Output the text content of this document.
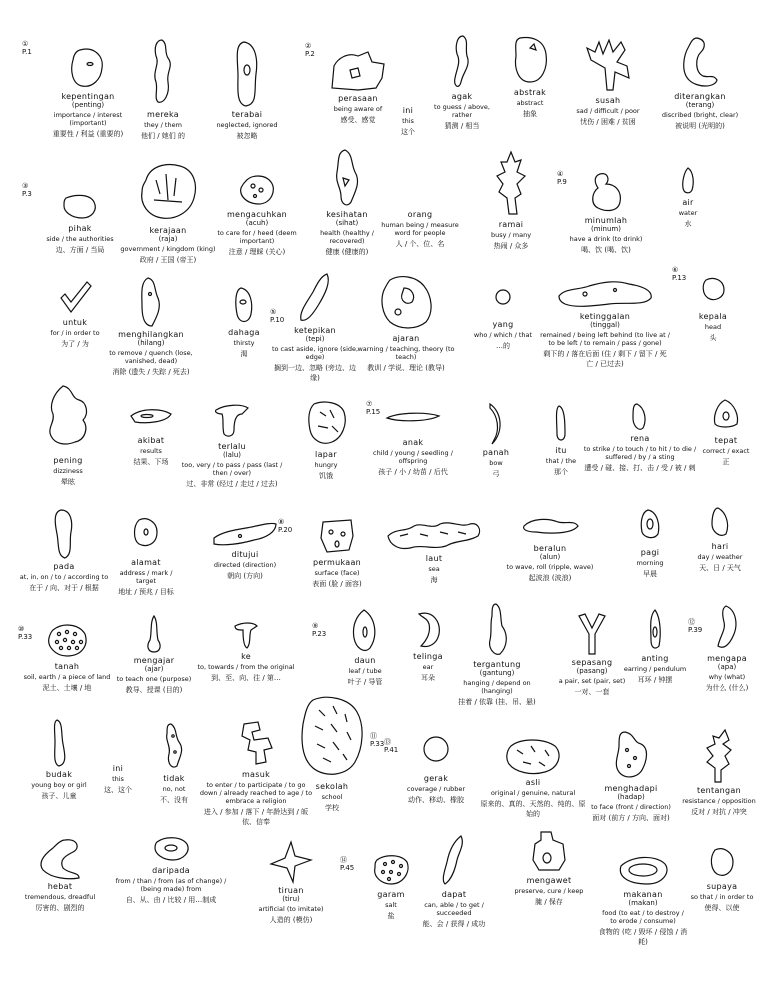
①
P.1
②
P.2
③
P.3
④
P.9
⑤
P.10
⑥
P.13
⑦
P.15
⑧
P.20
⑨
P.23
⑩
P.33
⑪
P.33
⑫
P.39
⑬
P.41
⑭
P.45
kepentingan
(penting)
importance / interest (important)
重要性 / 利益 (重要的)
mereka
they / them
他们 / 她们 的
terabai
neglected, ignored
被忽略
perasaan
being aware of
感受、感觉
ini
this
这个
agak
to guess / above, rather
猜测 / 相当
abstrak
abstract
抽象
susah
sad / difficult / poor
忧伤 / 困难 / 贫困
diterangkan
(terang)
discribed (bright, clear)
被说明 (光明的)
pihak
side / the authorities
边、方面 / 当局
kerajaan
(raja)
government / kingdom (king)
政府 / 王国 (帝王)
mengacuhkan
(acuh)
to care for / heed (deem important)
注意 / 理睬 (关心)
kesihatan
(sihat)
health (healthy / recovered)
健康 (健康的)
orang
human being / measure word for people
人 / 个、位、名
ramai
busy / many
热闹 / 众多
minumlah
(minum)
have a drink (to drink)
喝、饮 (喝、饮)
air
water
水
untuk
for / in order to
为了 / 为
menghilangkan
(hilang)
to remove / quench (lose, vanished, dead)
消除 (遗失 / 失踪 / 死去)
dahaga
thirsty
渴
ketepikan
(tepi)
to cast aside, ignore (side, edge)
搁到一边、忽略 (旁边、边缘)
ajaran
warning / teaching, theory (to teach)
教训 / 学说、理论 (教导)
yang
who / which / that
…的
ketinggalan
(tinggal)
remained / being left behind (to live at / to be left / to remain / pass / gone)
剩下的 / 落在后面 (住 / 剩下 / 留下 / 死亡 / 已过去)
kepala
head
头
pening
dizziness
晕眩
akibat
results
结果、下场
terlalu
(lalu)
too, very / to pass / pass (last / then / over)
过、非常 (经过 / 走过 / 过去)
lapar
hungry
饥饿
anak
child / young / seedling / offspring
孩子 / 小 / 幼苗 / 后代
panah
bow
弓
itu
that / the
那个
rena
to strike / to touch / to hit / to die / suffered / by / a sting
遭受 / 碰、接、打、击 / 受 / 被 / 刺
tepat
correct / exact
正
pada
at, in, on / to / according to
在于 / 向、对于 / 根据
alamat
address / mark / target
地址 / 预兆 / 目标
ditujui
directed (direction)
朝向 (方向)
permukaan
surface (face)
表面 (脸 / 面容)
laut
sea
海
beralun
(alun)
to wave, roll (ripple, wave)
起波浪 (波浪)
pagi
morning
早晨
hari
day / weather
天、日 / 天气
tanah
soil, earth / a piece of land
泥土、土壤 / 地
mengajar
(ajar)
to teach one (purpose)
教导、授课 (目的)
ke
to, towards / from the original
到、至、向、往 / 第…
daun
leaf / tube
叶子 / 导管
telinga
ear
耳朵
tergantung
(gantung)
hanging / depend on (hanging)
挂着 / 依靠 (挂、吊、悬)
sepasang
(pasang)
a pair, set (pair, set)
一对、一套
anting
earring / pendulum
耳环 / 钟摆
mengapa
(apa)
why (what)
为什么 (什么)
budak
young boy or girl
孩子、儿童
ini
this
这、这个
tidak
no, not
不、没有
masuk
to enter / to participate / to go down / already reached to age / to embrace a religion
进入 / 参加 / 落下 / 年龄达到 / 皈依、信奉
sekolah
school
学校
gerak
coverage / rubber
动作、移动、橡胶
asli
original / genuine, natural
原来的、真的、天然的、纯的、原始的
menghadapi
(hadap)
to face (front / direction)
面对 (前方 / 方向、面对)
tentangan
resistance / opposition
反对 / 对抗 / 冲突
hebat
tremendous, dreadful
厉害的、剧烈的
daripada
from / than / from (as of change) / (being made) from
自、从、由 / 比较 / 用…制成
tiruan
(tiru)
artificial (to imitate)
人造的 (模仿)
garam
salt
盐
dapat
can, able / to get / succeeded
能、会 / 获得 / 成功
mengawet
preserve, cure / keep
腌 / 保存
makanan
(makan)
food (to eat / to destroy / to erode / consume)
食物的 (吃 / 毁坏 / 侵蚀 / 消耗)
supaya
so that / in order to
使得、以使
